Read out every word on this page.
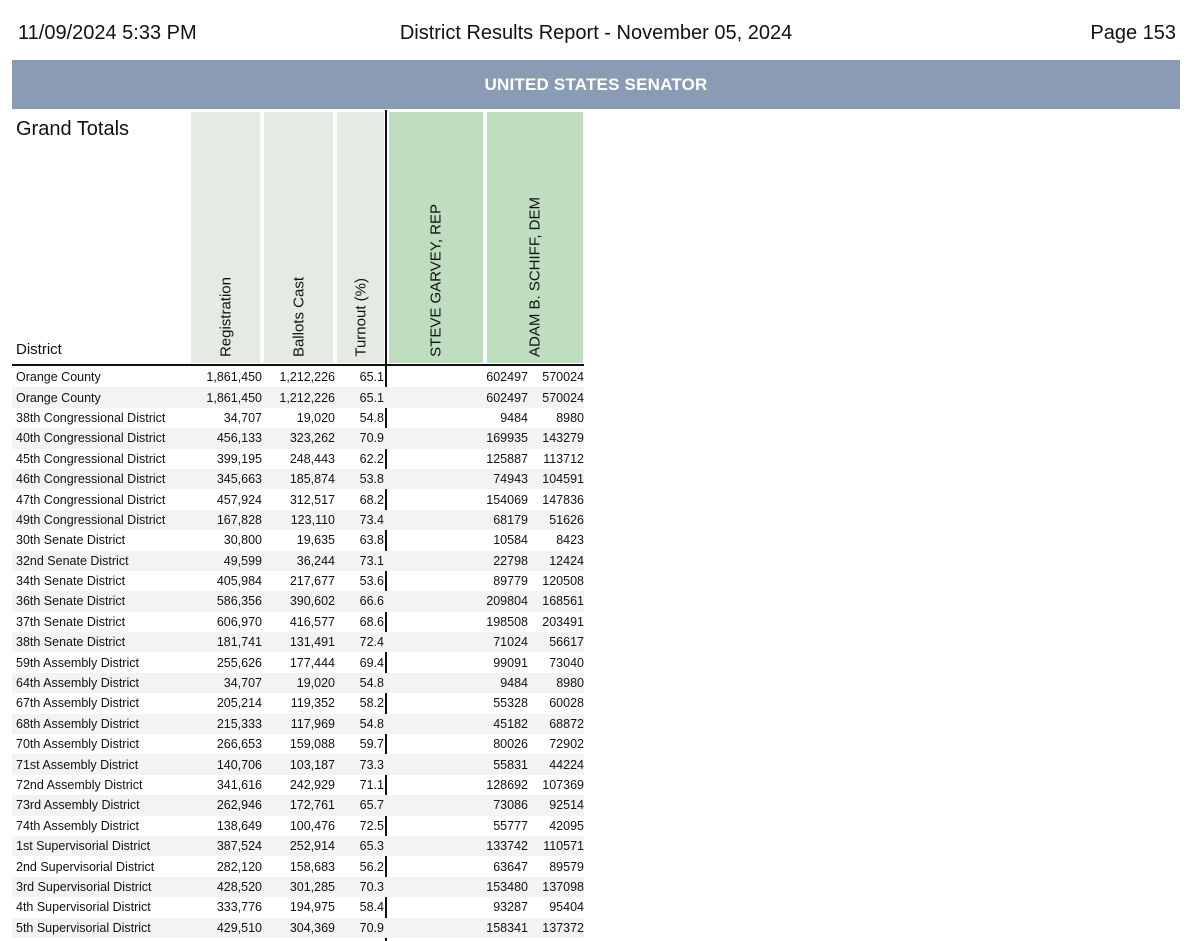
11/09/2024 5:33 PM	District Results Report - November 05, 2024	Page 153
UNITED STATES SENATOR
Grand Totals
District	Registration	Ballots Cast	Turnout (%)	STEVE GARVEY, REP	ADAM B. SCHIFF, DEM
Orange County	1,861,450	1,212,226	65.1	602497	570024
Orange County	1,861,450	1,212,226	65.1	602497	570024
38th Congressional District	34,707	19,020	54.8	9484	8980
40th Congressional District	456,133	323,262	70.9	169935	143279
45th Congressional District	399,195	248,443	62.2	125887	113712
46th Congressional District	345,663	185,874	53.8	74943	104591
47th Congressional District	457,924	312,517	68.2	154069	147836
49th Congressional District	167,828	123,110	73.4	68179	51626
30th Senate District	30,800	19,635	63.8	10584	8423
32nd Senate District	49,599	36,244	73.1	22798	12424
34th Senate District	405,984	217,677	53.6	89779	120508
36th Senate District	586,356	390,602	66.6	209804	168561
37th Senate District	606,970	416,577	68.6	198508	203491
38th Senate District	181,741	131,491	72.4	71024	56617
59th Assembly District	255,626	177,444	69.4	99091	73040
64th Assembly District	34,707	19,020	54.8	9484	8980
67th Assembly District	205,214	119,352	58.2	55328	60028
68th Assembly District	215,333	117,969	54.8	45182	68872
70th Assembly District	266,653	159,088	59.7	80026	72902
71st Assembly District	140,706	103,187	73.3	55831	44224
72nd Assembly District	341,616	242,929	71.1	128692	107369
73rd Assembly District	262,946	172,761	65.7	73086	92514
74th Assembly District	138,649	100,476	72.5	55777	42095
1st Supervisorial District	387,524	252,914	65.3	133742	110571
2nd Supervisorial District	282,120	158,683	56.2	63647	89579
3rd Supervisorial District	428,520	301,285	70.3	153480	137098
4th Supervisorial District	333,776	194,975	58.4	93287	95404
5th Supervisorial District	429,510	304,369	70.9	158341	137372
